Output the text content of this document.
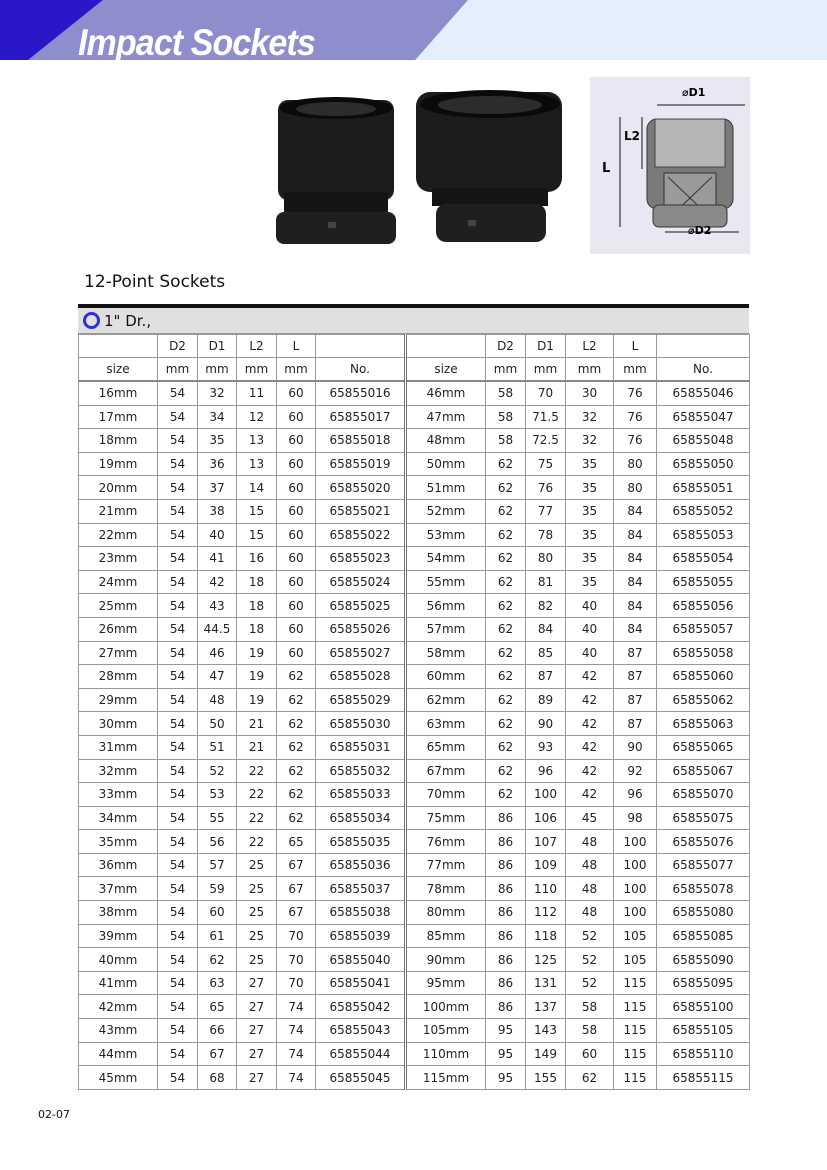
Impact Sockets
⌀D1
⌀D2
L
L2
12-Point Sockets
1" Dr.,
	D2	D1	L2	L			D2	D1	L2	L	
size	mm	mm	mm	mm	No.	size	mm	mm	mm	mm	No.
16mm	54	32	11	60	65855016	46mm	58	70	30	76	65855046
17mm	54	34	12	60	65855017	47mm	58	71.5	32	76	65855047
18mm	54	35	13	60	65855018	48mm	58	72.5	32	76	65855048
19mm	54	36	13	60	65855019	50mm	62	75	35	80	65855050
20mm	54	37	14	60	65855020	51mm	62	76	35	80	65855051
21mm	54	38	15	60	65855021	52mm	62	77	35	84	65855052
22mm	54	40	15	60	65855022	53mm	62	78	35	84	65855053
23mm	54	41	16	60	65855023	54mm	62	80	35	84	65855054
24mm	54	42	18	60	65855024	55mm	62	81	35	84	65855055
25mm	54	43	18	60	65855025	56mm	62	82	40	84	65855056
26mm	54	44.5	18	60	65855026	57mm	62	84	40	84	65855057
27mm	54	46	19	60	65855027	58mm	62	85	40	87	65855058
28mm	54	47	19	62	65855028	60mm	62	87	42	87	65855060
29mm	54	48	19	62	65855029	62mm	62	89	42	87	65855062
30mm	54	50	21	62	65855030	63mm	62	90	42	87	65855063
31mm	54	51	21	62	65855031	65mm	62	93	42	90	65855065
32mm	54	52	22	62	65855032	67mm	62	96	42	92	65855067
33mm	54	53	22	62	65855033	70mm	62	100	42	96	65855070
34mm	54	55	22	62	65855034	75mm	86	106	45	98	65855075
35mm	54	56	22	65	65855035	76mm	86	107	48	100	65855076
36mm	54	57	25	67	65855036	77mm	86	109	48	100	65855077
37mm	54	59	25	67	65855037	78mm	86	110	48	100	65855078
38mm	54	60	25	67	65855038	80mm	86	112	48	100	65855080
39mm	54	61	25	70	65855039	85mm	86	118	52	105	65855085
40mm	54	62	25	70	65855040	90mm	86	125	52	105	65855090
41mm	54	63	27	70	65855041	95mm	86	131	52	115	65855095
42mm	54	65	27	74	65855042	100mm	86	137	58	115	65855100
43mm	54	66	27	74	65855043	105mm	95	143	58	115	65855105
44mm	54	67	27	74	65855044	110mm	95	149	60	115	65855110
45mm	54	68	27	74	65855045	115mm	95	155	62	115	65855115
02-07
